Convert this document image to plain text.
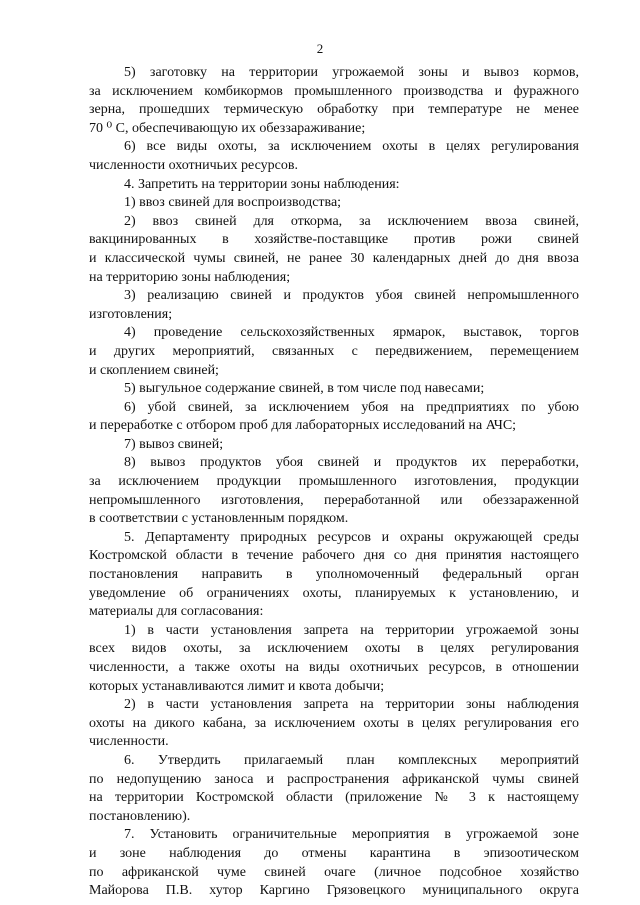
2
5) заготовку на территории угрожаемой зоны и вывоз кормов,
за исключением комбикормов промышленного производства и фуражного
зерна, прошедших термическую обработку при температуре не менее
70 ⁰ С, обеспечивающую их обеззараживание;
6) все виды охоты, за исключением охоты в целях регулирования
численности охотничьих ресурсов.
4. Запретить на территории зоны наблюдения:
1) ввоз свиней для воспроизводства;
2) ввоз свиней для откорма, за исключением ввоза свиней,
вакцинированных в хозяйстве-поставщике против рожи свиней
и классической чумы свиней, не ранее 30 календарных дней до дня ввоза
на территорию зоны наблюдения;
3) реализацию свиней и продуктов убоя свиней непромышленного
изготовления;
4) проведение сельскохозяйственных ярмарок, выставок, торгов
и других мероприятий, связанных с передвижением, перемещением
и скоплением свиней;
5) выгульное содержание свиней, в том числе под навесами;
6) убой свиней, за исключением убоя на предприятиях по убою
и переработке с отбором проб для лабораторных исследований на АЧС;
7) вывоз свиней;
8) вывоз продуктов убоя свиней и продуктов их переработки,
за исключением продукции промышленного изготовления, продукции
непромышленного изготовления, переработанной или обеззараженной
в соответствии с установленным порядком.
5. Департаменту природных ресурсов и охраны окружающей среды
Костромской области в течение рабочего дня со дня принятия настоящего
постановления направить в уполномоченный федеральный орган
уведомление об ограничениях охоты, планируемых к установлению, и
материалы для согласования:
1) в части установления запрета на территории угрожаемой зоны
всех видов охоты, за исключением охоты в целях регулирования
численности, а также охоты на виды охотничьих ресурсов, в отношении
которых устанавливаются лимит и квота добычи;
2) в части установления запрета на территории зоны наблюдения
охоты на дикого кабана, за исключением охоты в целях регулирования его
численности.
6. Утвердить прилагаемый план комплексных мероприятий
по недопущению заноса и распространения африканской чумы свиней
на территории Костромской области (приложение № 3 к настоящему
постановлению).
7. Установить ограничительные мероприятия в угрожаемой зоне
и зоне наблюдения до отмены карантина в эпизоотическом
по африканской чуме свиней очаге (личное подсобное хозяйство
Майорова П.В. хутор Каргино Грязовецкого муниципального округа
